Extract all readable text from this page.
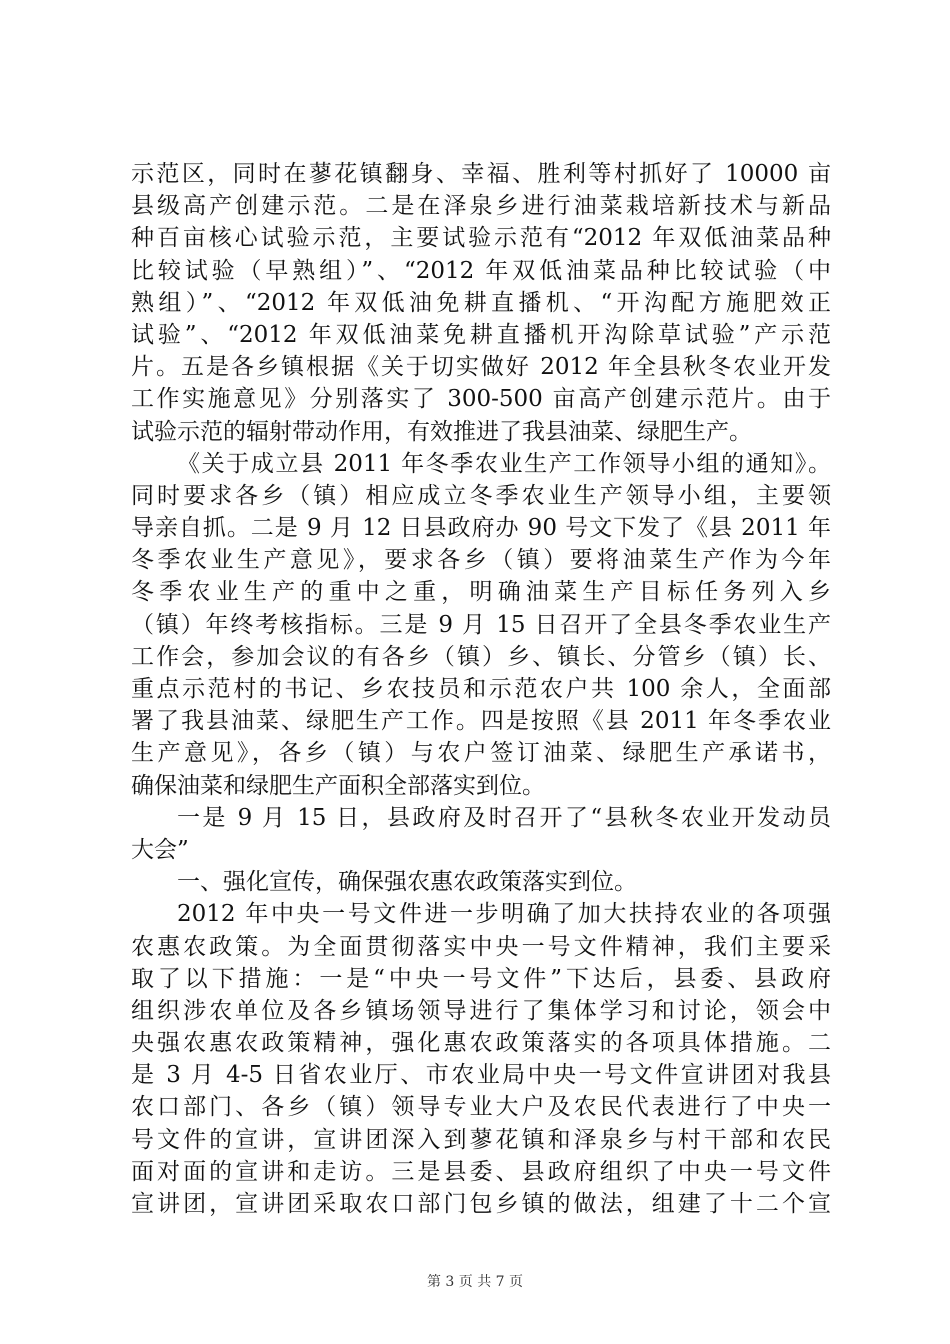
示范区，同时在蓼花镇翻身、幸福、胜利等村抓好了 10000 亩
县级高产创建示范。二是在泽泉乡进行油菜栽培新技术与新品
种百亩核心试验示范，主要试验示范有“2012 年双低油菜品种
比较试验（早熟组）”、“2012 年双低油菜品种比较试验（中
熟组）”、“2012 年双低油免耕直播机、“开沟配方施肥效正
试验”、“2012 年双低油菜免耕直播机开沟除草试验”产示范
片。五是各乡镇根据《关于切实做好 2012 年全县秋冬农业开发
工作实施意见》分别落实了 300-500 亩高产创建示范片。由于
试验示范的辐射带动作用，有效推进了我县油菜、绿肥生产。
《关于成立县 2011 年冬季农业生产工作领导小组的通知》。
同时要求各乡（镇）相应成立冬季农业生产领导小组，主要领
导亲自抓。二是 9 月 12 日县政府办 90 号文下发了《县 2011 年
冬季农业生产意见》，要求各乡（镇）要将油菜生产作为今年
冬季农业生产的重中之重，明确油菜生产目标任务列入乡
（镇）年终考核指标。三是 9 月 15 日召开了全县冬季农业生产
工作会，参加会议的有各乡（镇）乡、镇长、分管乡（镇）长、
重点示范村的书记、乡农技员和示范农户共 100 余人，全面部
署了我县油菜、绿肥生产工作。四是按照《县 2011 年冬季农业
生产意见》，各乡（镇）与农户签订油菜、绿肥生产承诺书，
确保油菜和绿肥生产面积全部落实到位。
一是 9 月 15 日，县政府及时召开了“县秋冬农业开发动员
大会”
一、强化宣传，确保强农惠农政策落实到位。
2012 年中央一号文件进一步明确了加大扶持农业的各项强
农惠农政策。为全面贯彻落实中央一号文件精神，我们主要采
取了以下措施：一是“中央一号文件”下达后，县委、县政府
组织涉农单位及各乡镇场领导进行了集体学习和讨论，领会中
央强农惠农政策精神，强化惠农政策落实的各项具体措施。二
是 3 月 4-5 日省农业厅、市农业局中央一号文件宣讲团对我县
农口部门、各乡（镇）领导专业大户及农民代表进行了中央一
号文件的宣讲，宣讲团深入到蓼花镇和泽泉乡与村干部和农民
面对面的宣讲和走访。三是县委、县政府组织了中央一号文件
宣讲团，宣讲团采取农口部门包乡镇的做法，组建了十二个宣
第 3 页 共 7 页
